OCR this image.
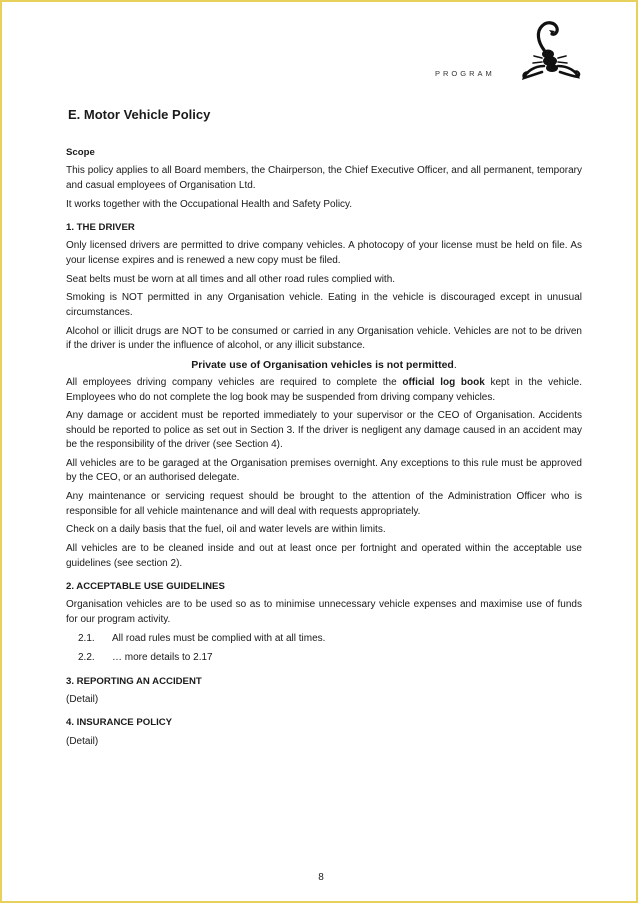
PROGRAM
E. Motor Vehicle Policy
Scope
This policy applies to all Board members, the Chairperson, the Chief Executive Officer, and all permanent, temporary and casual employees of Organisation Ltd.
It works together with the Occupational Health and Safety Policy.
1. THE DRIVER
Only licensed drivers are permitted to drive company vehicles. A photocopy of your license must be held on file. As your license expires and is renewed a new copy must be filed.
Seat belts must be worn at all times and all other road rules complied with.
Smoking is NOT permitted in any Organisation vehicle. Eating in the vehicle is discouraged except in unusual circumstances.
Alcohol or illicit drugs are NOT to be consumed or carried in any Organisation vehicle. Vehicles are not to be driven if the driver is under the influence of alcohol, or any illicit substance.
Private use of Organisation vehicles is not permitted.
All employees driving company vehicles are required to complete the official log book kept in the vehicle. Employees who do not complete the log book may be suspended from driving company vehicles.
Any damage or accident must be reported immediately to your supervisor or the CEO of Organisation. Accidents should be reported to police as set out in Section 3. If the driver is negligent any damage caused in an accident may be the responsibility of the driver (see Section 4).
All vehicles are to be garaged at the Organisation premises overnight. Any exceptions to this rule must be approved by the CEO, or an authorised delegate.
Any maintenance or servicing request should be brought to the attention of the Administration Officer who is responsible for all vehicle maintenance and will deal with requests appropriately.
Check on a daily basis that the fuel, oil and water levels are within limits.
All vehicles are to be cleaned inside and out at least once per fortnight and operated within the acceptable use guidelines (see section 2).
2. ACCEPTABLE USE GUIDELINES
Organisation vehicles are to be used so as to minimise unnecessary vehicle expenses and maximise use of funds for our program activity.
2.1.	All road rules must be complied with at all times.
2.2.	… more details to 2.17
3. REPORTING AN ACCIDENT
(Detail)
4. INSURANCE POLICY
(Detail)
8
